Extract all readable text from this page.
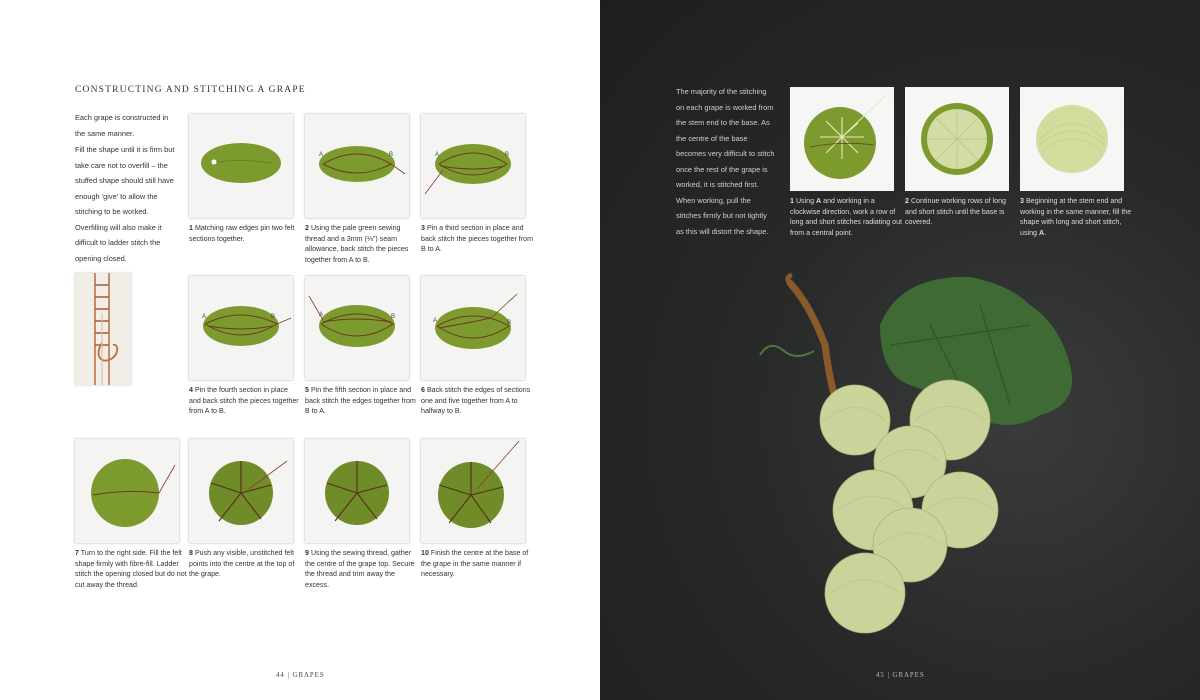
CONSTRUCTING AND STITCHING A GRAPE

Each grape is constructed in the same manner.

Fill the shape until it is firm but take care not to overfill – the stuffed shape should still have enough 'give' to allow the stitching to be worked. Overfilling will also make it difficult to ladder stitch the opening closed.

A	B	A	B
1 Matching raw edges pin two felt sections together.
2 Using the pale green sewing thread and a 3mm (⅛") seam allowance, back stitch the pieces together from A to B.
3 Pin a third section in place and back stitch the pieces together from B to A.
A	B	A	B
A	B
4 Pin the fourth section in place and back stitch the pieces together from A to B.
5 Pin the fifth section in place and back stitch the edges together from B to A.
6 Back stitch the edges of sections one and five together from A to halfway to B.
7 Turn to the right side. Fill the felt shape firmly with fibre-fill. Ladder stitch the opening closed but do not cut away the thread.
8 Push any visible, unstitched felt points into the centre at the top of the grape.
9 Using the sewing thread, gather the centre of the grape top. Secure the thread and trim away the excess.
10 Finish the centre at the base of the grape in the same manner if necessary.
44 | GRAPES
The majority of the stitching on each grape is worked from the stem end to the base. As the centre of the base becomes very difficult to stitch once the rest of the grape is worked, it is stitched first. When working, pull the stitches firmly but not tightly as this will distort the shape.
1 Using A and working in a clockwise direction, work a row of long and short stitches radiating out from a central point.
2 Continue working rows of long and short stitch until the base is covered.
3 Beginning at the stem end and working in the same manner, fill the shape with long and short stitch, using A.
45 | GRAPES
